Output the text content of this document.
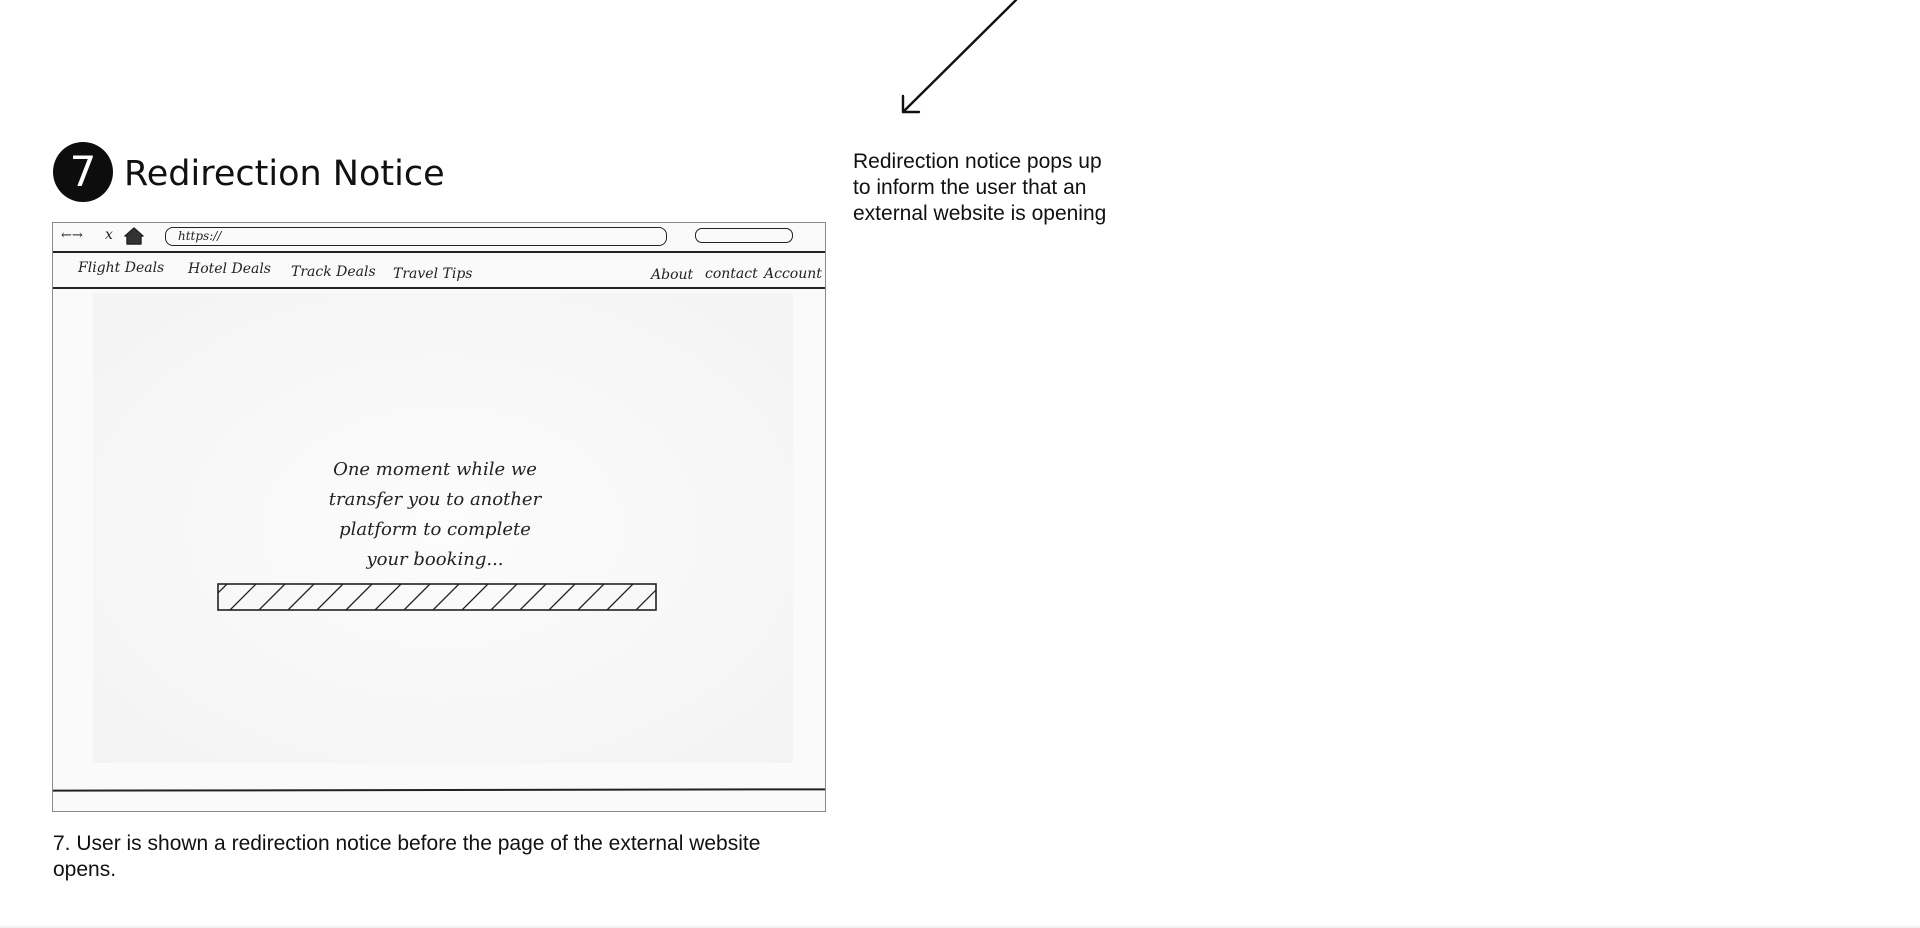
7 Redirection Notice	Redirection notice pops up
to inform the user that an
external website is opening
←→ x	https://
Flight Deals Hotel Deals Track Deals Travel Tips	About contact Account
One moment while we
transfer you to another
platform to complete
your booking...
7. User is shown a redirection notice before the page of the external website
opens.
